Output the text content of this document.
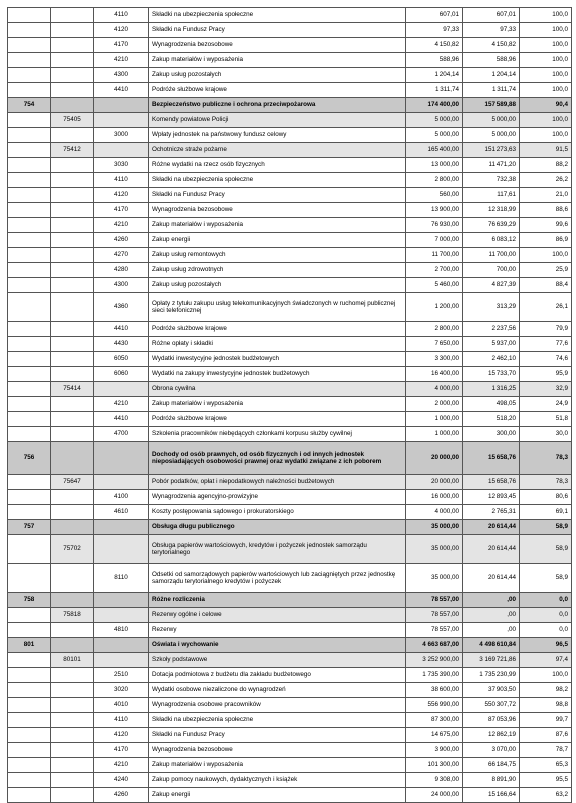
		4110	Składki na ubezpieczenia społeczne	607,01	607,01	100,0
		4120	Składki na Fundusz Pracy	97,33	97,33	100,0
		4170	Wynagrodzenia bezosobowe	4 150,82	4 150,82	100,0
		4210	Zakup materiałów i wyposażenia	588,96	588,96	100,0
		4300	Zakup usług pozostałych	1 204,14	1 204,14	100,0
		4410	Podróże służbowe krajowe	1 311,74	1 311,74	100,0
754			Bezpieczeństwo publiczne i ochrona przeciwpożarowa	174 400,00	157 589,88	90,4
	75405		Komendy powiatowe Policji	5 000,00	5 000,00	100,0
		3000	Wpłaty jednostek na państwowy fundusz celowy	5 000,00	5 000,00	100,0
	75412		Ochotnicze straże pożarne	165 400,00	151 273,63	91,5
		3030	Różne wydatki na rzecz osób fizycznych	13 000,00	11 471,20	88,2
		4110	Składki na ubezpieczenia społeczne	2 800,00	732,38	26,2
		4120	Składki na Fundusz Pracy	560,00	117,61	21,0
		4170	Wynagrodzenia bezosobowe	13 900,00	12 318,99	88,6
		4210	Zakup materiałów i wyposażenia	76 930,00	76 639,29	99,6
		4260	Zakup energii	7 000,00	6 083,12	86,9
		4270	Zakup usług remontowych	11 700,00	11 700,00	100,0
		4280	Zakup usług zdrowotnych	2 700,00	700,00	25,9
		4300	Zakup usług pozostałych	5 460,00	4 827,39	88,4
		4360	Opłaty z tytułu zakupu usług telekomunikacyjnych świadczonych w ruchomej publicznej sieci telefonicznej	1 200,00	313,29	26,1
		4410	Podróże służbowe krajowe	2 800,00	2 237,56	79,9
		4430	Różne opłaty i składki	7 650,00	5 937,00	77,6
		6050	Wydatki inwestycyjne jednostek budżetowych	3 300,00	2 462,10	74,6
		6060	Wydatki na zakupy inwestycyjne jednostek budżetowych	16 400,00	15 733,70	95,9
	75414		Obrona cywilna	4 000,00	1 316,25	32,9
		4210	Zakup materiałów i wyposażenia	2 000,00	498,05	24,9
		4410	Podróże służbowe krajowe	1 000,00	518,20	51,8
		4700	Szkolenia pracowników niebędących członkami korpusu służby cywilnej	1 000,00	300,00	30,0
756			Dochody od osób prawnych, od osób fizycznych i od innych jednostek nieposiadających osobowości prawnej oraz wydatki związane z ich poborem	20 000,00	15 658,76	78,3
	75647		Pobór podatków, opłat i niepodatkowych należności budżetowych	20 000,00	15 658,76	78,3
		4100	Wynagrodzenia agencyjno-prowizyjne	16 000,00	12 893,45	80,6
		4610	Koszty postępowania sądowego i prokuratorskiego	4 000,00	2 765,31	69,1
757			Obsługa długu publicznego	35 000,00	20 614,44	58,9
	75702		Obsługa papierów wartościowych, kredytów i pożyczek jednostek samorządu terytorialnego	35 000,00	20 614,44	58,9
		8110	Odsetki od samorządowych papierów wartościowych lub zaciągniętych przez jednostkę samorządu terytorialnego kredytów i pożyczek	35 000,00	20 614,44	58,9
758			Różne rozliczenia	78 557,00	,00	0,0
	75818		Rezerwy ogólne i celowe	78 557,00	,00	0,0
		4810	Rezerwy	78 557,00	,00	0,0
801			Oświata i wychowanie	4 663 687,00	4 498 610,84	96,5
	80101		Szkoły podstawowe	3 252 900,00	3 169 721,86	97,4
		2510	Dotacja podmiotowa z budżetu dla zakładu budżetowego	1 735 390,00	1 735 230,99	100,0
		3020	Wydatki osobowe niezaliczone do wynagrodzeń	38 600,00	37 903,50	98,2
		4010	Wynagrodzenia osobowe pracowników	556 990,00	550 307,72	98,8
		4110	Składki na ubezpieczenia społeczne	87 300,00	87 053,96	99,7
		4120	Składki na Fundusz Pracy	14 675,00	12 862,19	87,6
		4170	Wynagrodzenia bezosobowe	3 900,00	3 070,00	78,7
		4210	Zakup materiałów i wyposażenia	101 300,00	66 184,75	65,3
		4240	Zakup pomocy naukowych, dydaktycznych i książek	9 308,00	8 891,90	95,5
		4260	Zakup energii	24 000,00	15 166,64	63,2
